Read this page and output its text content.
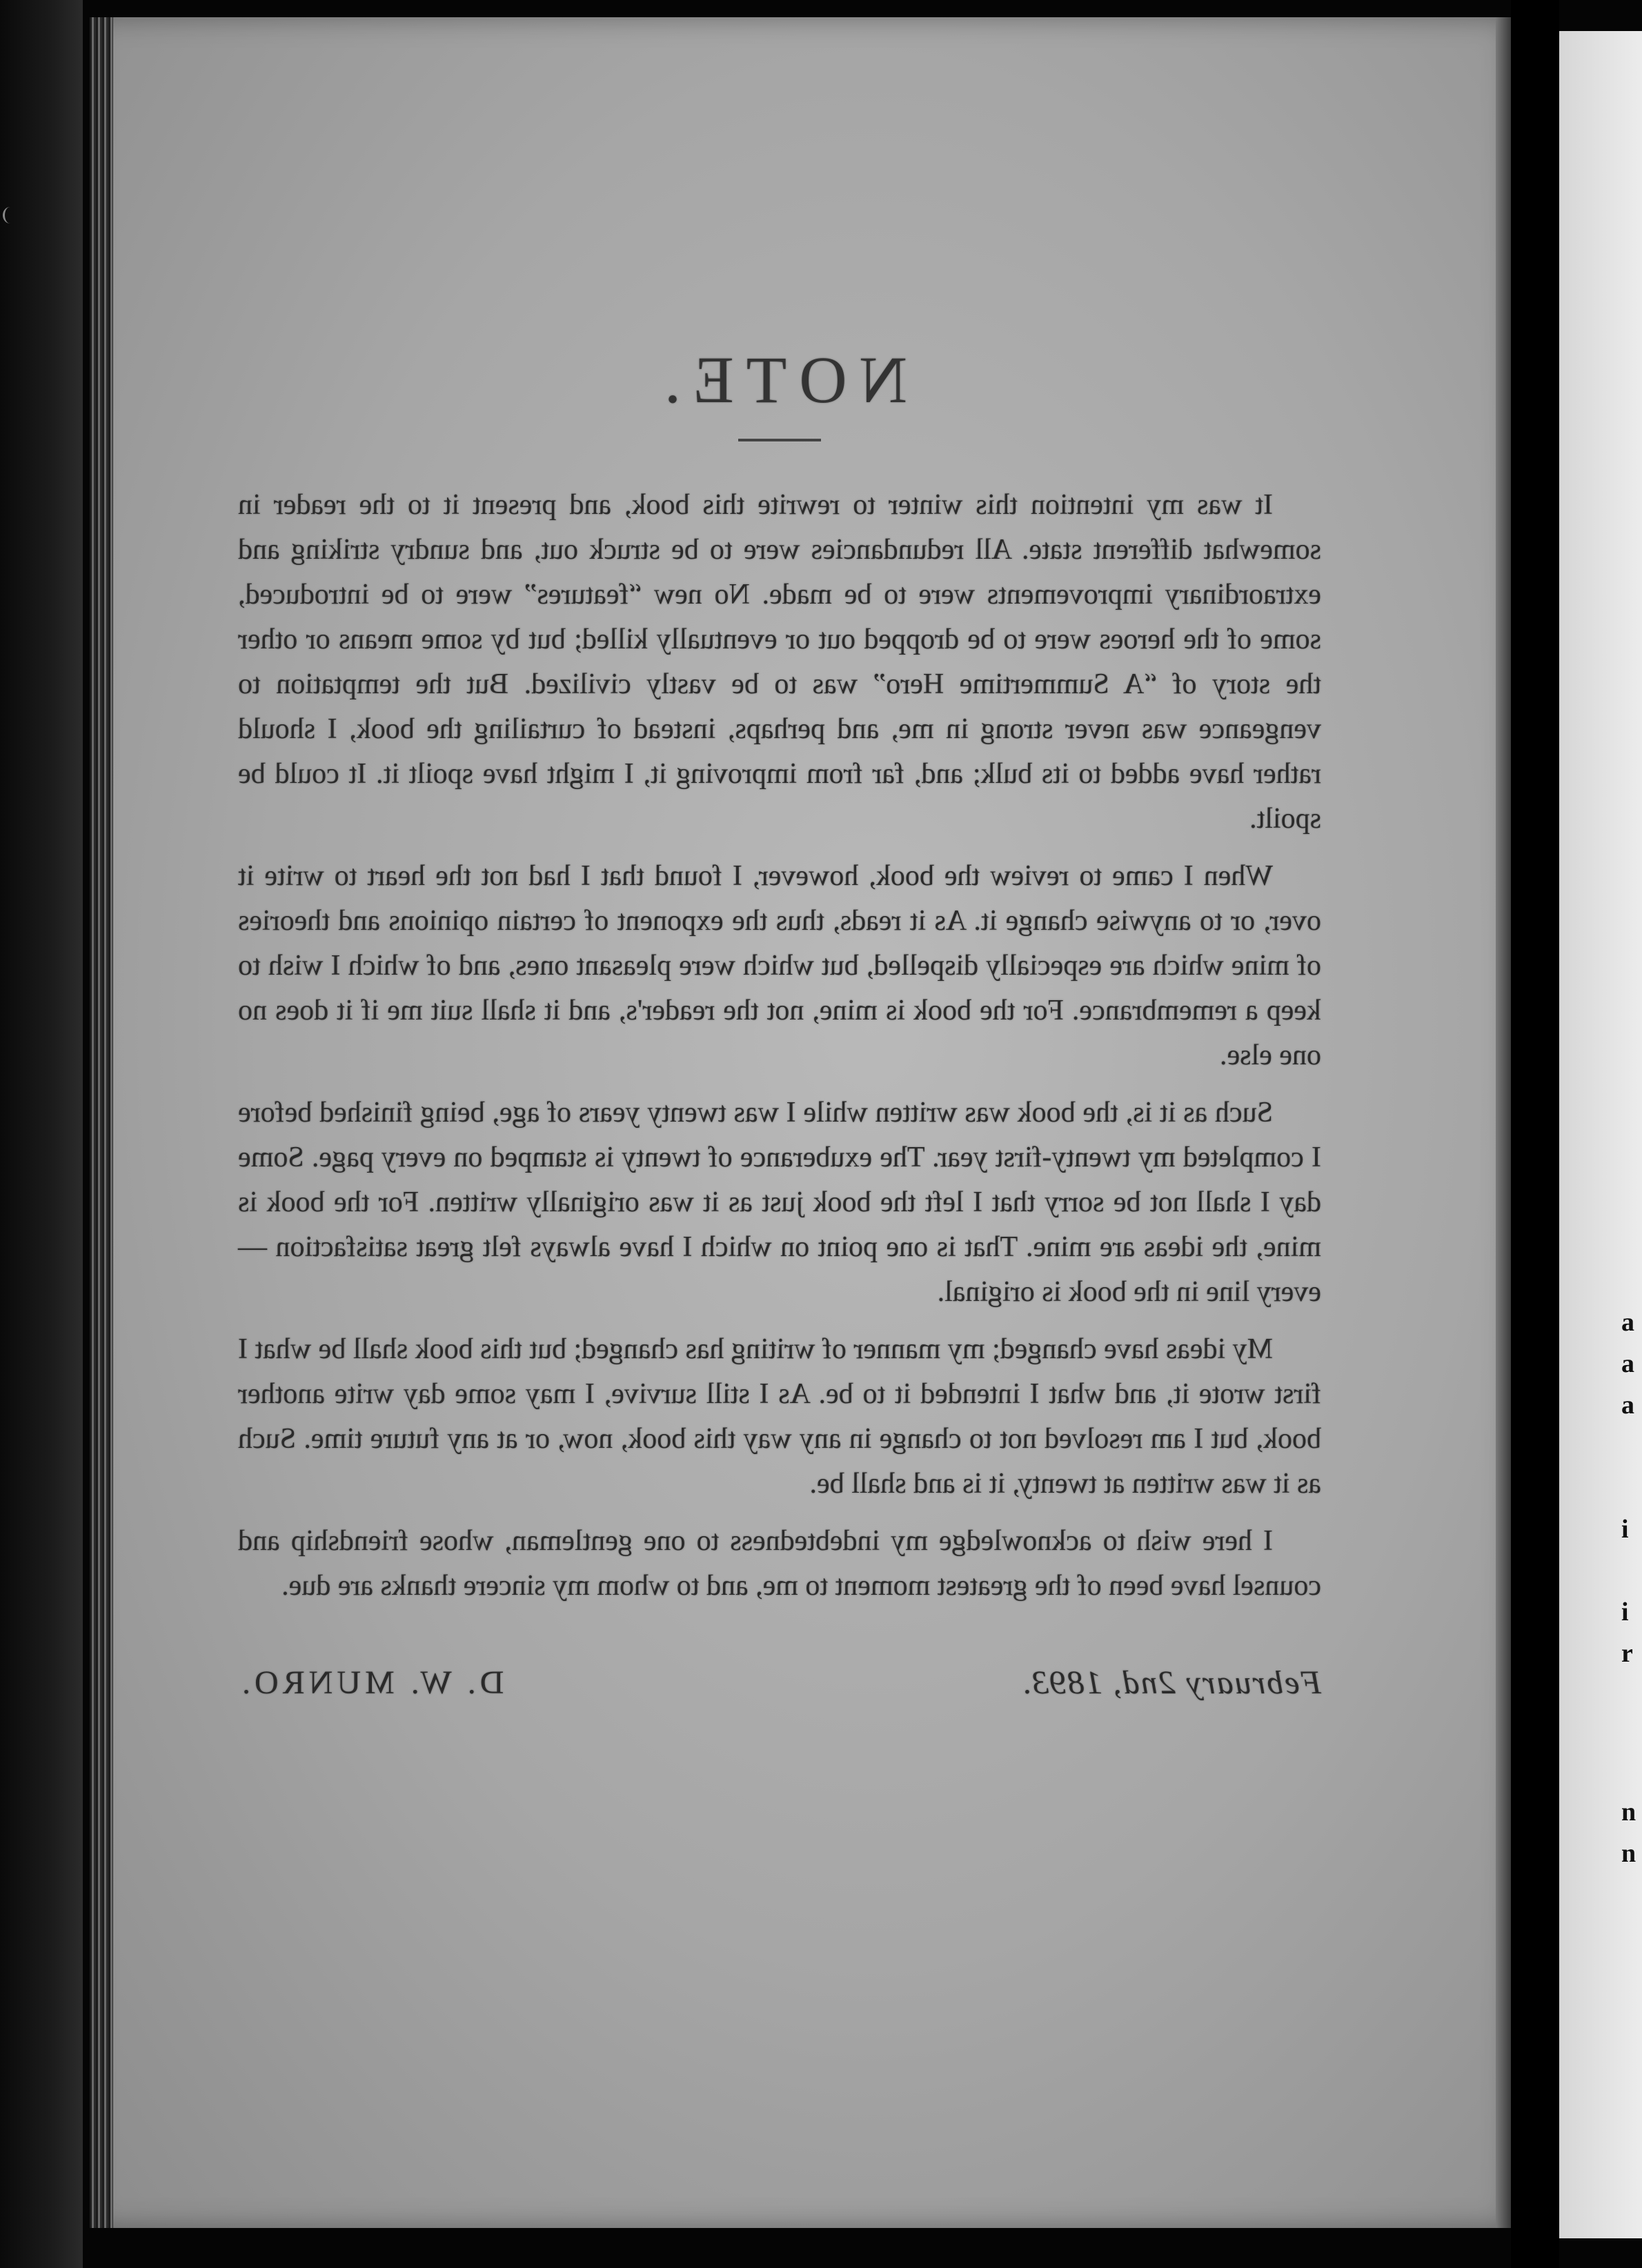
NOTE.

It was my intention this winter to rewrite this book, and present it to the reader in somewhat different state. All redundancies were to be struck out, and sundry striking and extraordinary improvements were to be made. No new “features” were to be introduced, some of the heroes were to be dropped out or eventually killed; but by some means or other the story of “A Summertime Hero” was to be vastly civilized. But the temptation to vengeance was never strong in me, and perhaps, instead of curtailing the book, I should rather have added to its bulk; and, far from improving it, I might have spoilt it. It could be spoilt.

When I came to review the book, however, I found that I had not the heart to write it over, or to anywise change it. As it reads, thus the exponent of certain opinions and theories of mine which are especially dispelled, but which were pleasant ones, and of which I wish to keep a remembrance. For the book is mine, not the reader's, and it shall suit me if it does no one else.

Such as it is, the book was written while I was twenty years of age, being finished before I completed my twenty-first year. The exuberance of twenty is stamped on every page. Some day I shall not be sorry that I left the book just as it was originally written. For the book is mine, the ideas are mine. That is one point on which I have always felt great satisfaction — every line in the book is original.

My ideas have changed; my manner of writing has changed; but this book shall be what I first wrote it, and what I intended it to be. As I still survive, I may some day write another book, but I am resolved not to change in any way this book, now, or at any future time. Such as it was written at twenty, it is and shall be.

I here wish to acknowledge my indebtedness to one gentleman, whose friendship and counsel have been of the greatest moment to me, and to whom my sincere thanks are due.

February 2nd, 1893.
D. W. MUNRO.
a
a
a
i
i
r
n
n
